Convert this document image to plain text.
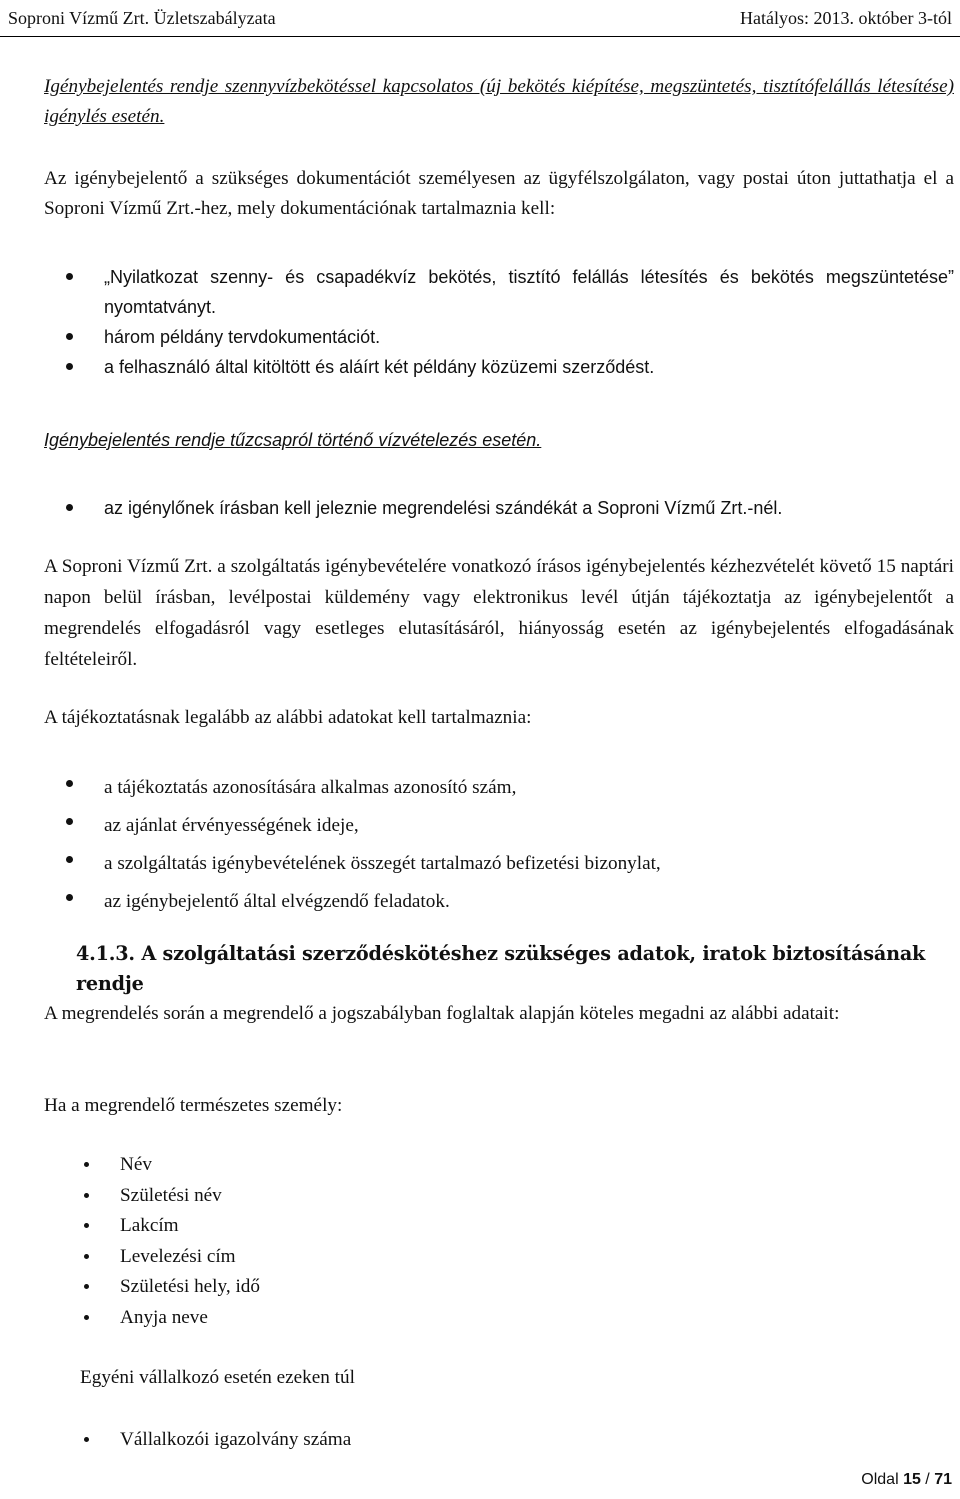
Soproni Vízmű Zrt. Üzletszabályzata	Hatályos: 2013. október 3-tól

Igénybejelentés rendje szennyvízbekötéssel kapcsolatos (új bekötés kiépítése, megszüntetés, tisztítófelállás létesítése) igénylés esetén.

Az igénybejelentő a szükséges dokumentációt személyesen az ügyfélszolgálaton, vagy postai úton juttathatja el a Soproni Vízmű Zrt.-hez, mely dokumentációnak tartalmaznia kell:

„Nyilatkozat szenny- és csapadékvíz bekötés, tisztító felállás létesítés és bekötés megszüntetése” nyomtatványt.
három példány tervdokumentációt.
a felhasználó által kitöltött és aláírt két példány közüzemi szerződést.

Igénybejelentés rendje tűzcsapról történő vízvételezés esetén.

az igénylőnek írásban kell jeleznie megrendelési szándékát a Soproni Vízmű Zrt.-nél.

A Soproni Vízmű Zrt. a szolgáltatás igénybevételére vonatkozó írásos igénybejelentés kézhezvételét követő 15 naptári napon belül írásban, levélpostai küldemény vagy elektronikus levél útján tájékoztatja az igénybejelentőt a megrendelés elfogadásról vagy esetleges elutasításáról, hiányosság esetén az igénybejelentés elfogadásának feltételeiről.

A tájékoztatásnak legalább az alábbi adatokat kell tartalmaznia:

a tájékoztatás azonosítására alkalmas azonosító szám,
az ajánlat érvényességének ideje,
a szolgáltatás igénybevételének összegét tartalmazó befizetési bizonylat,
az igénybejelentő által elvégzendő feladatok.
4.1.3. A szolgáltatási szerződéskötéshez szükséges adatok, iratok biztosításának rendje

A megrendelés során a megrendelő a jogszabályban foglaltak alapján köteles megadni az alábbi adatait:

Ha a megrendelő természetes személy:

Név
Születési név
Lakcím
Levelezési cím
Születési hely, idő
Anyja neve

Egyéni vállalkozó esetén ezeken túl

Vállalkozói igazolvány száma
Oldal 15 / 71
